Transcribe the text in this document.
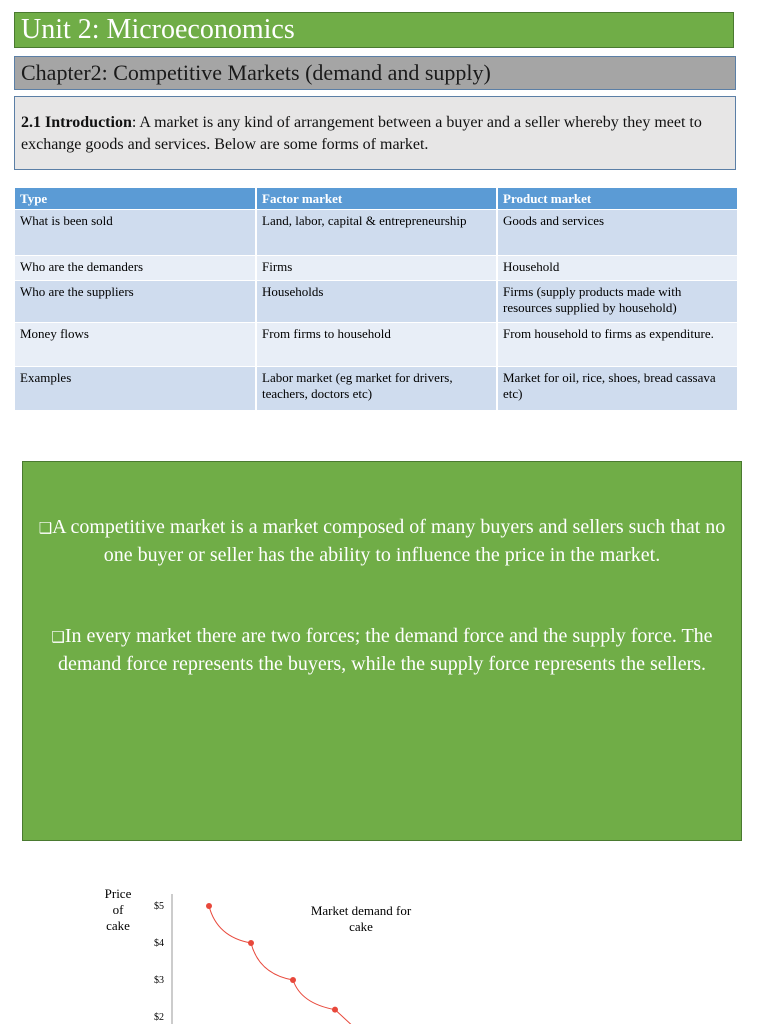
Unit 2: Microeconomics
Chapter2: Competitive Markets (demand and supply)
2.1 Introduction: A market is any kind of arrangement between a buyer and a seller whereby they meet to exchange goods and services. Below are some forms of market.
Type	Factor market	Product market
What is been sold	Land, labor, capital & entrepreneurship	Goods and services
Who are the demanders	Firms	Household
Who are the suppliers	Households	Firms (supply products made with resources supplied by household)
Money flows	From firms to household	From household to firms as expenditure.
Examples	Labor market (eg market for drivers, teachers, doctors etc)	Market for oil, rice, shoes, bread cassava etc)

❑A competitive market is a market composed of many buyers and sellers such that no one buyer or seller has the ability to influence the price in the market.

❑In every market there are two forces; the demand force and the supply force. The demand force represents the buyers, while the supply force represents the sellers.

Price of cake
$5
$4
$3
$2
Market demand for cake
